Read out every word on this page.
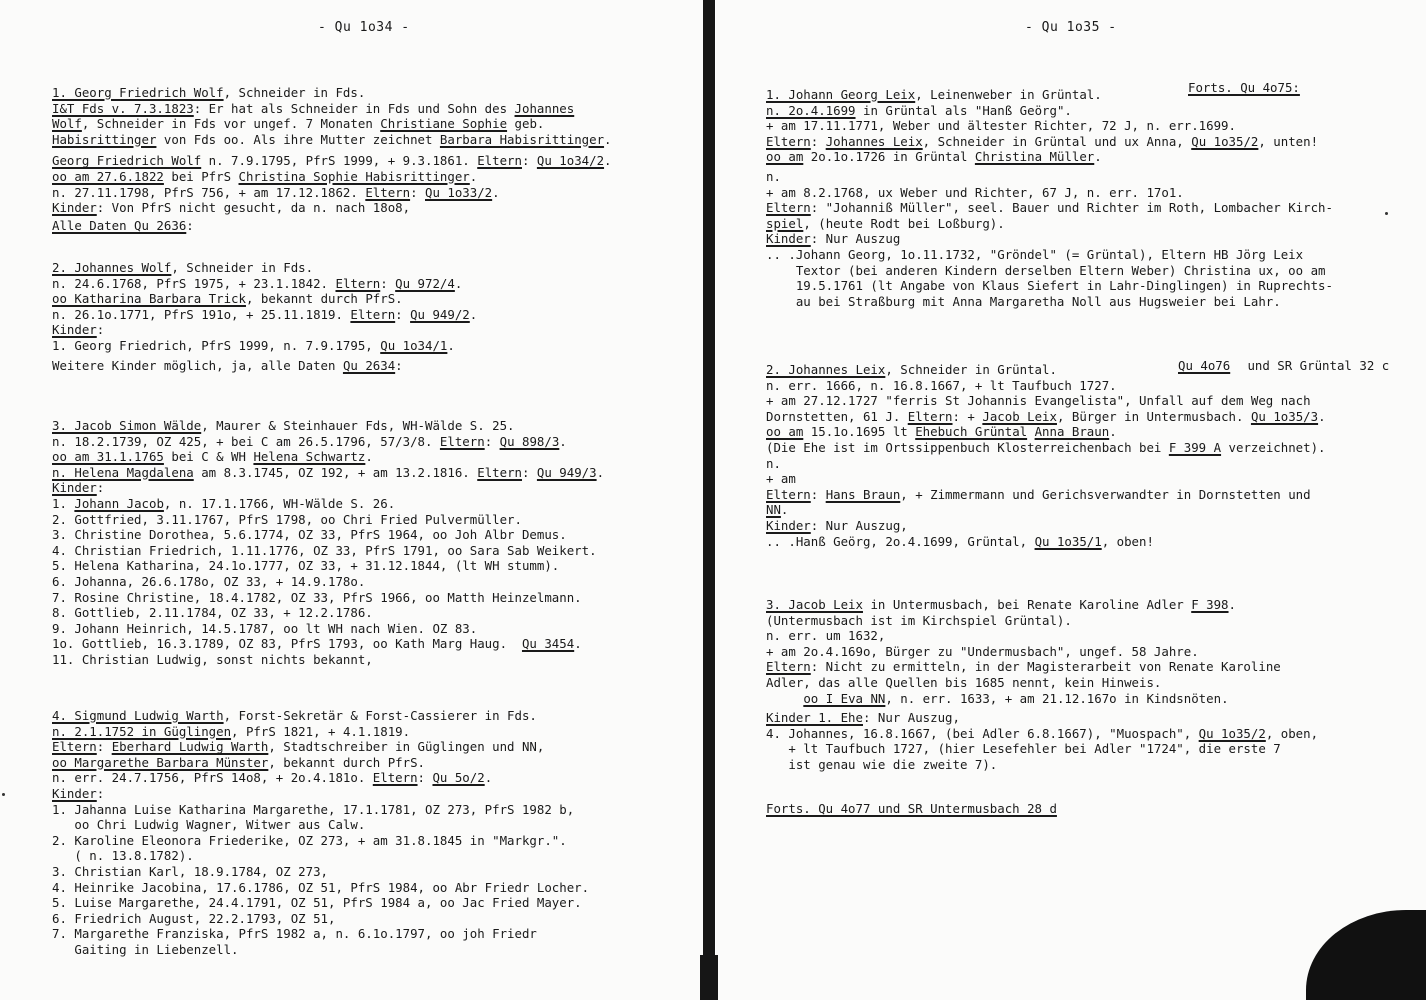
- Qu 1o34 -
1. Georg Friedrich Wolf, Schneider in Fds.
I&T Fds v. 7.3.1823: Er hat als Schneider in Fds und Sohn des Johannes
Wolf, Schneider in Fds vor ungef. 7 Monaten Christiane Sophie geb.
Habisrittinger von Fds oo. Als ihre Mutter zeichnet Barbara Habisrittinger.
Georg Friedrich Wolf n. 7.9.1795, PfrS 1999, + 9.3.1861. Eltern: Qu 1o34/2.
oo am 27.6.1822 bei PfrS Christina Sophie Habisrittinger.
n. 27.11.1798, PfrS 756, + am 17.12.1862. Eltern: Qu 1o33/2.
Kinder: Von PfrS nicht gesucht, da n. nach 18o8,
Alle Daten Qu 2636:
2. Johannes Wolf, Schneider in Fds.
n. 24.6.1768, PfrS 1975, + 23.1.1842. Eltern: Qu 972/4.
oo Katharina Barbara Trick, bekannt durch PfrS.
n. 26.1o.1771, PfrS 191o, + 25.11.1819. Eltern: Qu 949/2.
Kinder:
1. Georg Friedrich, PfrS 1999, n. 7.9.1795, Qu 1o34/1.
Weitere Kinder möglich, ja, alle Daten Qu 2634:
3. Jacob Simon Wälde, Maurer & Steinhauer Fds, WH-Wälde S. 25.
n. 18.2.1739, OZ 425, + bei C am 26.5.1796, 57/3/8. Eltern: Qu 898/3.
oo am 31.1.1765 bei C & WH Helena Schwartz.
n. Helena Magdalena am 8.3.1745, OZ 192, + am 13.2.1816. Eltern: Qu 949/3.
Kinder:
1. Johann Jacob, n. 17.1.1766, WH-Wälde S. 26.
2. Gottfried, 3.11.1767, PfrS 1798, oo Chri Fried Pulvermüller.
3. Christine Dorothea, 5.6.1774, OZ 33, PfrS 1964, oo Joh Albr Demus.
4. Christian Friedrich, 1.11.1776, OZ 33, PfrS 1791, oo Sara Sab Weikert.
5. Helena Katharina, 24.1o.1777, OZ 33, + 31.12.1844, (lt WH stumm).
6. Johanna, 26.6.178o, OZ 33, + 14.9.178o.
7. Rosine Christine, 18.4.1782, OZ 33, PfrS 1966, oo Matth Heinzelmann.
8. Gottlieb, 2.11.1784, OZ 33, + 12.2.1786.
9. Johann Heinrich, 14.5.1787, oo lt WH nach Wien. OZ 83.
1o. Gottlieb, 16.3.1789, OZ 83, PfrS 1793, oo Kath Marg Haug.  Qu 3454.
11. Christian Ludwig, sonst nichts bekannt,
4. Sigmund Ludwig Warth, Forst-Sekretär & Forst-Cassierer in Fds.
n. 2.1.1752 in Güglingen, PfrS 1821, + 4.1.1819.
Eltern: Eberhard Ludwig Warth, Stadtschreiber in Güglingen und NN,
oo Margarethe Barbara Münster, bekannt durch PfrS.
n. err. 24.7.1756, PfrS 14o8, + 2o.4.181o. Eltern: Qu 5o/2.
Kinder:
1. Jahanna Luise Katharina Margarethe, 17.1.1781, OZ 273, PfrS 1982 b,
oo Chri Ludwig Wagner, Witwer aus Calw.
2. Karoline Eleonora Friederike, OZ 273, + am 31.8.1845 in "Markgr.".
( n. 13.8.1782).
3. Christian Karl, 18.9.1784, OZ 273,
4. Heinrike Jacobina, 17.6.1786, OZ 51, PfrS 1984, oo Abr Friedr Locher.
5. Luise Margarethe, 24.4.1791, OZ 51, PfrS 1984 a, oo Jac Fried Mayer.
6. Friedrich August, 22.2.1793, OZ 51,
7. Margarethe Franziska, PfrS 1982 a, n. 6.1o.1797, oo joh Friedr
Gaiting in Liebenzell.
- Qu 1o35 -
1. Johann Georg Leix, Leinenweber in Grüntal.
n. 2o.4.1699 in Grüntal als "Hanß Geörg".
+ am 17.11.1771, Weber und ältester Richter, 72 J, n. err.1699.
Eltern: Johannes Leix, Schneider in Grüntal und ux Anna, Qu 1o35/2, unten!
oo am 2o.1o.1726 in Grüntal Christina Müller.
n.
+ am 8.2.1768, ux Weber und Richter, 67 J, n. err. 17o1.
Eltern: "Johanniß Müller", seel. Bauer und Richter im Roth, Lombacher Kirch-
spiel, (heute Rodt bei Loßburg).
Kinder: Nur Auszug
.. .Johann Georg, 1o.11.1732, "Gröndel" (= Grüntal), Eltern HB Jörg Leix
Textor (bei anderen Kindern derselben Eltern Weber) Christina ux, oo am
19.5.1761 (lt Angabe von Klaus Siefert in Lahr-Dinglingen) in Ruprechts-
au bei Straßburg mit Anna Margaretha Noll aus Hugsweier bei Lahr.
2. Johannes Leix, Schneider in Grüntal.
n. err. 1666, n. 16.8.1667, + lt Taufbuch 1727.
+ am 27.12.1727 "ferris St Johannis Evangelista", Unfall auf dem Weg nach
Dornstetten, 61 J. Eltern: + Jacob Leix, Bürger in Untermusbach. Qu 1o35/3.
oo am 15.1o.1695 lt Ehebuch Grüntal Anna Braun.
(Die Ehe ist im Ortssippenbuch Klosterreichenbach bei F 399 A verzeichnet).
n.
+ am
Eltern: Hans Braun, + Zimmermann und Gerichsverwandter in Dornstetten und
NN.
Kinder: Nur Auszug,
.. .Hanß Geörg, 2o.4.1699, Grüntal, Qu 1o35/1, oben!
3. Jacob Leix in Untermusbach, bei Renate Karoline Adler F 398.
(Untermusbach ist im Kirchspiel Grüntal).
n. err. um 1632,
+ am 2o.4.169o, Bürger zu "Undermusbach", ungef. 58 Jahre.
Eltern: Nicht zu ermitteln, in der Magisterarbeit von Renate Karoline
Adler, das alle Quellen bis 1685 nennt, kein Hinweis.
oo I Eva NN, n. err. 1633, + am 21.12.167o in Kindsnöten.
Kinder 1. Ehe: Nur Auszug,
4. Johannes, 16.8.1667, (bei Adler 6.8.1667), "Muospach", Qu 1o35/2, oben,
+ lt Taufbuch 1727, (hier Lesefehler bei Adler "1724", die erste 7
ist genau wie die zweite 7).
Forts. Qu 4o77 und SR Untermusbach 28 d
Forts. Qu 4o75:
Qu 4o76 und SR Grüntal 32 c
